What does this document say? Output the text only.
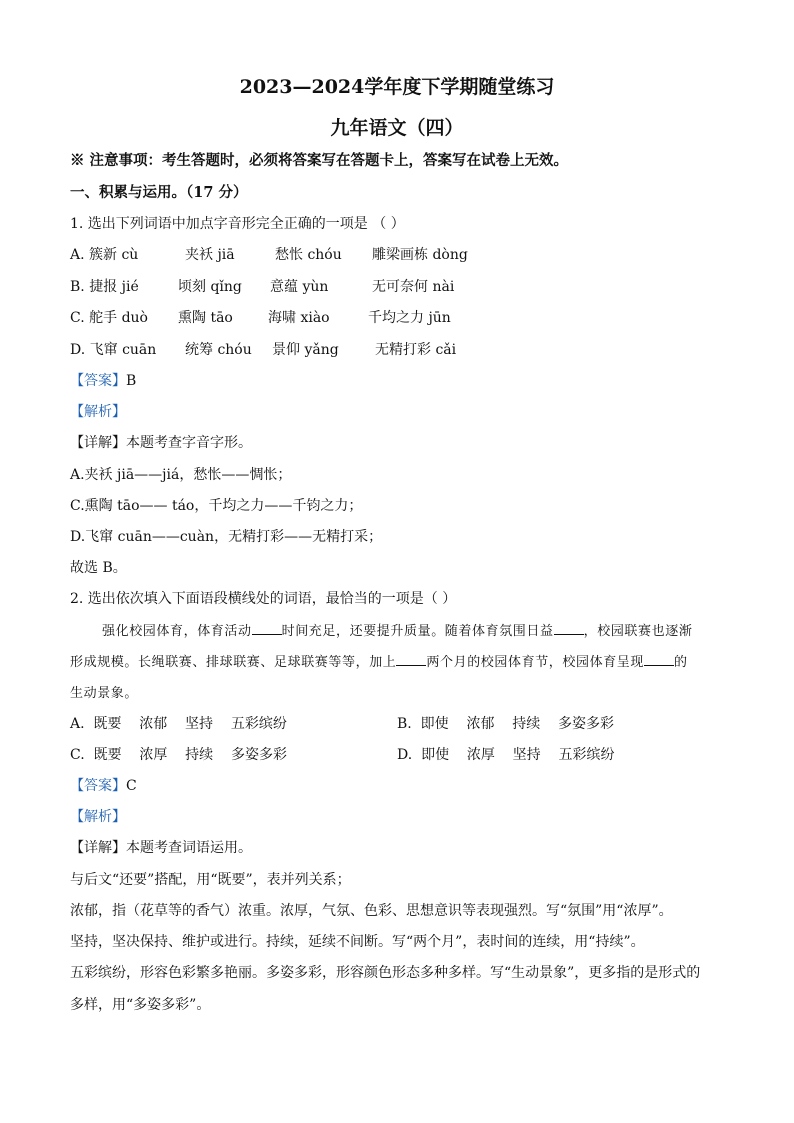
2023—2024学年度下学期随堂练习
九年语文（四）
※ 注意事项：考生答题时，必须将答案写在答题卡上，答案写在试卷上无效。
一、积累与运用。（17 分）
1. 选出下列词语中加点字音形完全正确的一项是 （ ）
A. 簇新 cù	夹袄 jiā	愁怅 chóu 雕梁画栋 dòng
B. 捷报 jié	顷刻 qǐng 意蕴 yùn	无可奈何 nài
C. 舵手 duò 熏陶 tāo	海啸 xiào	千均之力 jūn
D. 飞窜 cuān 统筹 chóu 景仰 yǎng	无精打彩 cǎi
【答案】B
【解析】
【详解】本题考查字音字形。
A.夹袄 jiā——jiá，愁怅——惆怅；
C.熏陶 tāo—— táo，千均之力——千钧之力；
D.飞窜 cuān——cuàn，无精打彩——无精打采；
故选 B。
2. 选出依次填入下面语段横线处的词语，最恰当的一项是（ ）
强化校园体育，体育活动 时间充足，还要提升质量。随着体育氛围日益 ，校园联赛也逐渐
形成规模。长绳联赛、排球联赛、足球联赛等等，加上 两个月的校园体育节，校园体育呈现 的
生动景象。
A.  既要    浓郁    坚持    五彩缤纷	B.  即使    浓郁    持续    多姿多彩
C.  既要    浓厚    持续    多姿多彩	D.  即使    浓厚    坚持    五彩缤纷
【答案】C
【解析】
【详解】本题考查词语运用。
与后文“还要”搭配，用“既要”，表并列关系；
浓郁，指（花草等的香气）浓重。浓厚，气氛、色彩、思想意识等表现强烈。写“氛围”用“浓厚”。
坚持，坚决保持、维护或进行。持续，延续不间断。写“两个月”，表时间的连续，用“持续”。
五彩缤纷，形容色彩繁多艳丽。多姿多彩，形容颜色形态多种多样。写“生动景象”，更多指的是形式的
多样，用“多姿多彩”。
